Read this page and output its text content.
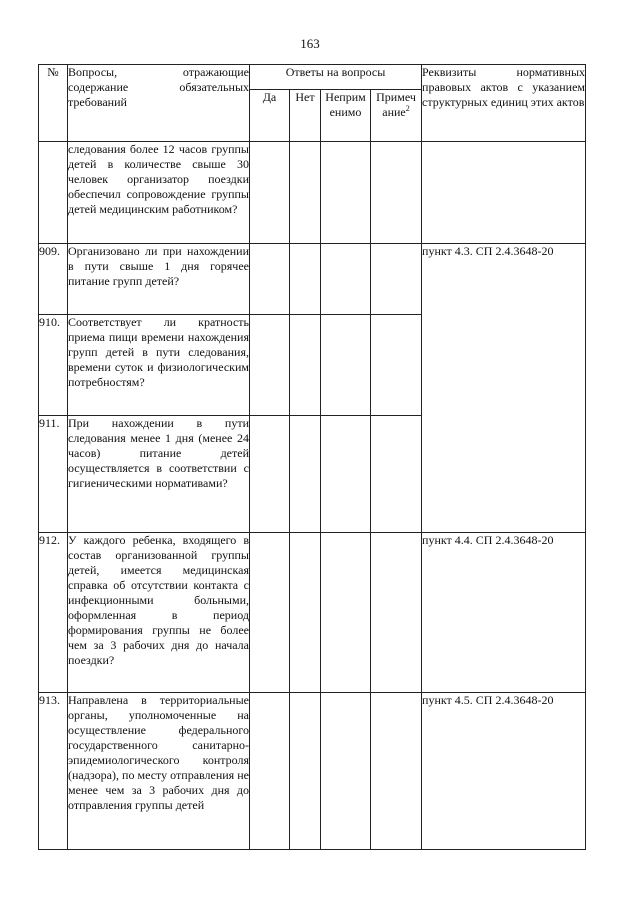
163
№	Вопросы, отражающие содержание обязательных требований	Ответы на вопросы				Реквизиты нормативных правовых актов с указанием структурных единиц этих актов
		Да	Нет	Неприм енимо	Примеч ание$^2$
	следования более 12 часов группы детей в количестве свыше 30 человек организатор поездки обеспечил сопровождение группы детей медицинским работником?					
909.	Организовано ли при нахождении в пути свыше 1 дня горячее питание групп детей?					пункт 4.3. СП 2.4.3648-20
910.	Соответствует ли кратность приема пищи времени нахождения групп детей в пути следования, времени суток и физиологическим потребностям?					
911.	При нахождении в пути следования менее 1 дня (менее 24 часов) питание детей осуществляется в соответствии с гигиеническими нормативами?					
912.	У каждого ребенка, входящего в состав организованной группы детей, имеется медицинская справка об отсутствии контакта с инфекционными больными, оформленная в период формирования группы не более чем за 3 рабочих дня до начала поездки?					пункт 4.4. СП 2.4.3648-20
913.	Направлена в территориальные органы, уполномоченные на осуществление федерального государственного санитарно-эпидемиологического контроля (надзора), по месту отправления не менее чем за 3 рабочих дня до отправления группы детей					пункт 4.5. СП 2.4.3648-20
